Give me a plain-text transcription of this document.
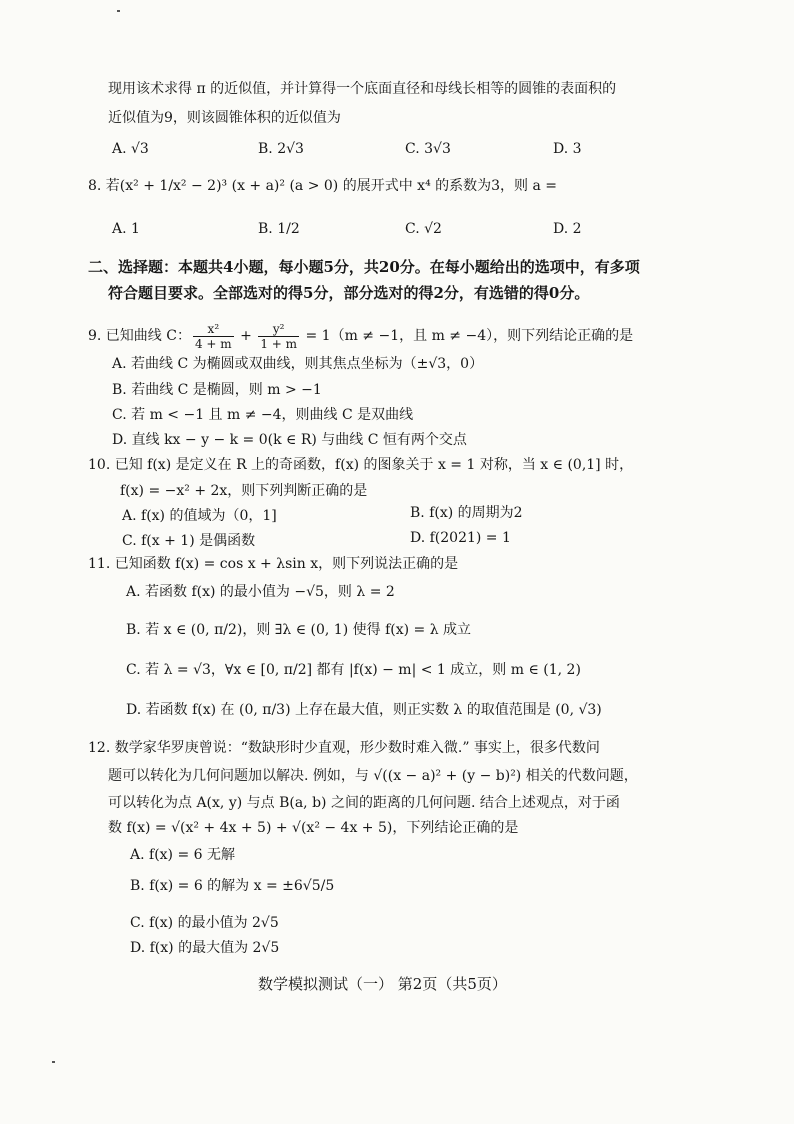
现用该术求得 π 的近似值，并计算得一个底面直径和母线长相等的圆锥的表面积的
近似值为9，则该圆锥体积的近似值为
A. √3	B. 2√3	C. 3√3	D. 3
8. 若(x² + 1/x² − 2)³ (x + a)² (a > 0) 的展开式中 x⁴ 的系数为3，则 a =
A. 1	B. 1/2	C. √2	D. 2
二、选择题：本题共4小题，每小题5分，共20分。在每小题给出的选项中，有多项
符合题目要求。全部选对的得5分，部分选对的得2分，有选错的得0分。
9. 已知曲线 C： $\frac{\text{x²}}{4 + m} + \frac{\text{y²}}{1 + m} = 1(m \ne -1$，且 m ≠ −4），则下列结论正确的是
A. 若曲线 C 为椭圆或双曲线，则其焦点坐标为（±√3，0）
B. 若曲线 C 是椭圆，则 m > −1
C. 若 m < −1 且 m ≠ −4，则曲线 C 是双曲线
D. 直线 kx − y − k = 0(k ∈ R) 与曲线 C 恒有两个交点
10. 已知 f(x) 是定义在 R 上的奇函数，f(x) 的图象关于 x = 1 对称，当 x ∈ (0,1] 时，
f(x) = −x² + 2x，则下列判断正确的是
A. f(x) 的值域为（0，1]	B. f(x) 的周期为2
C. f(x + 1) 是偶函数	D. f(2021) = 1
11. 已知函数 f(x) = cos x + λsin x，则下列说法正确的是
A. 若函数 f(x) 的最小值为 −√5，则 λ = 2
B. 若 x ∈ (0, π/2)，则 ∃λ ∈ (0, 1) 使得 f(x) = λ 成立
C. 若 λ = √3，∀x ∈ [0, π/2] 都有 |f(x) − m| < 1 成立，则 m ∈ (1, 2)
D. 若函数 f(x) 在 (0, π/3) 上存在最大值，则正实数 λ 的取值范围是 (0, √3)
12. 数学家华罗庚曾说：“数缺形时少直观，形少数时难入微.” 事实上，很多代数问
题可以转化为几何问题加以解决. 例如，与 √((x − a)² + (y − b)²) 相关的代数问题，
可以转化为点 A(x, y) 与点 B(a, b) 之间的距离的几何问题. 结合上述观点，对于函
数 f(x) = √(x² + 4x + 5) + √(x² − 4x + 5)，下列结论正确的是
A. f(x) = 6 无解
B. f(x) = 6 的解为 x = ±6√5/5
C. f(x) 的最小值为 2√5
D. f(x) 的最大值为 2√5
数学模拟测试（一） 第2页（共5页）
